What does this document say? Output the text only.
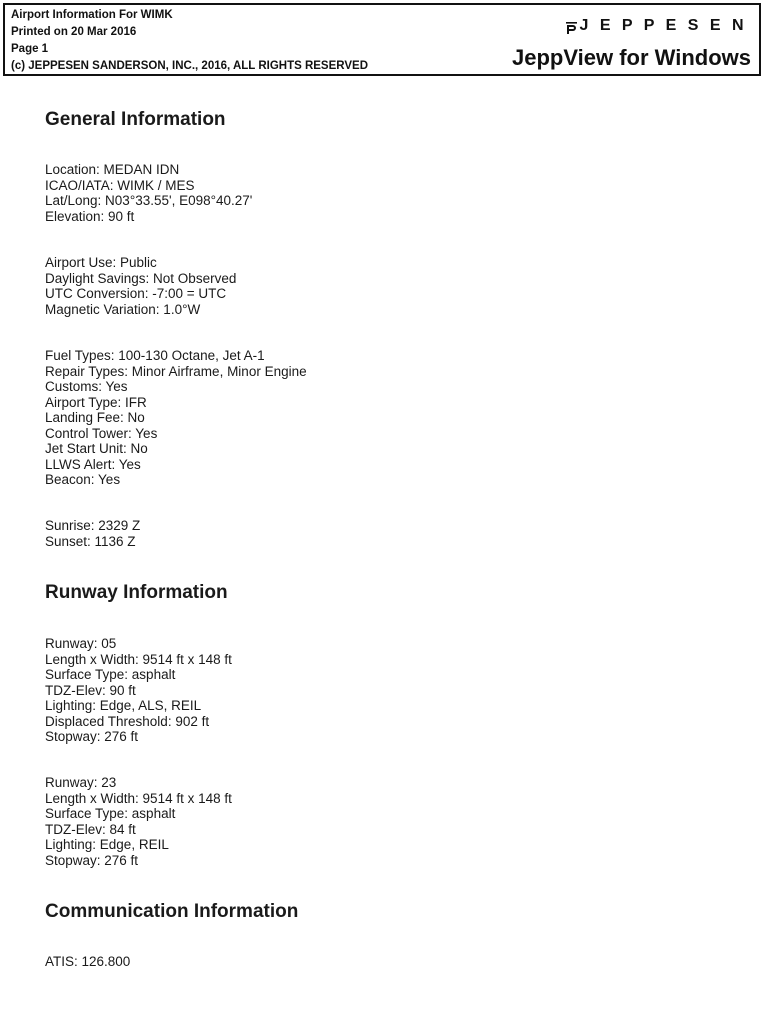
Airport Information For WIMK
Printed on 20 Mar 2016
Page 1
(c) JEPPESEN SANDERSON, INC., 2016, ALL RIGHTS RESERVED
J E P P E S E N
JeppView for Windows
General Information
Location: MEDAN IDN
ICAO/IATA: WIMK / MES
Lat/Long: N03°33.55', E098°40.27'
Elevation: 90 ft
Airport Use: Public
Daylight Savings: Not Observed
UTC Conversion: -7:00 = UTC
Magnetic Variation: 1.0°W
Fuel Types: 100-130 Octane, Jet A-1
Repair Types: Minor Airframe, Minor Engine
Customs: Yes
Airport Type: IFR
Landing Fee: No
Control Tower: Yes
Jet Start Unit: No
LLWS Alert: Yes
Beacon: Yes
Sunrise: 2329 Z
Sunset: 1136 Z
Runway Information
Runway: 05
Length x Width: 9514 ft x 148 ft
Surface Type: asphalt
TDZ-Elev: 90 ft
Lighting: Edge, ALS, REIL
Displaced Threshold: 902 ft
Stopway: 276 ft
Runway: 23
Length x Width: 9514 ft x 148 ft
Surface Type: asphalt
TDZ-Elev: 84 ft
Lighting: Edge, REIL
Stopway: 276 ft
Communication Information
ATIS: 126.800
